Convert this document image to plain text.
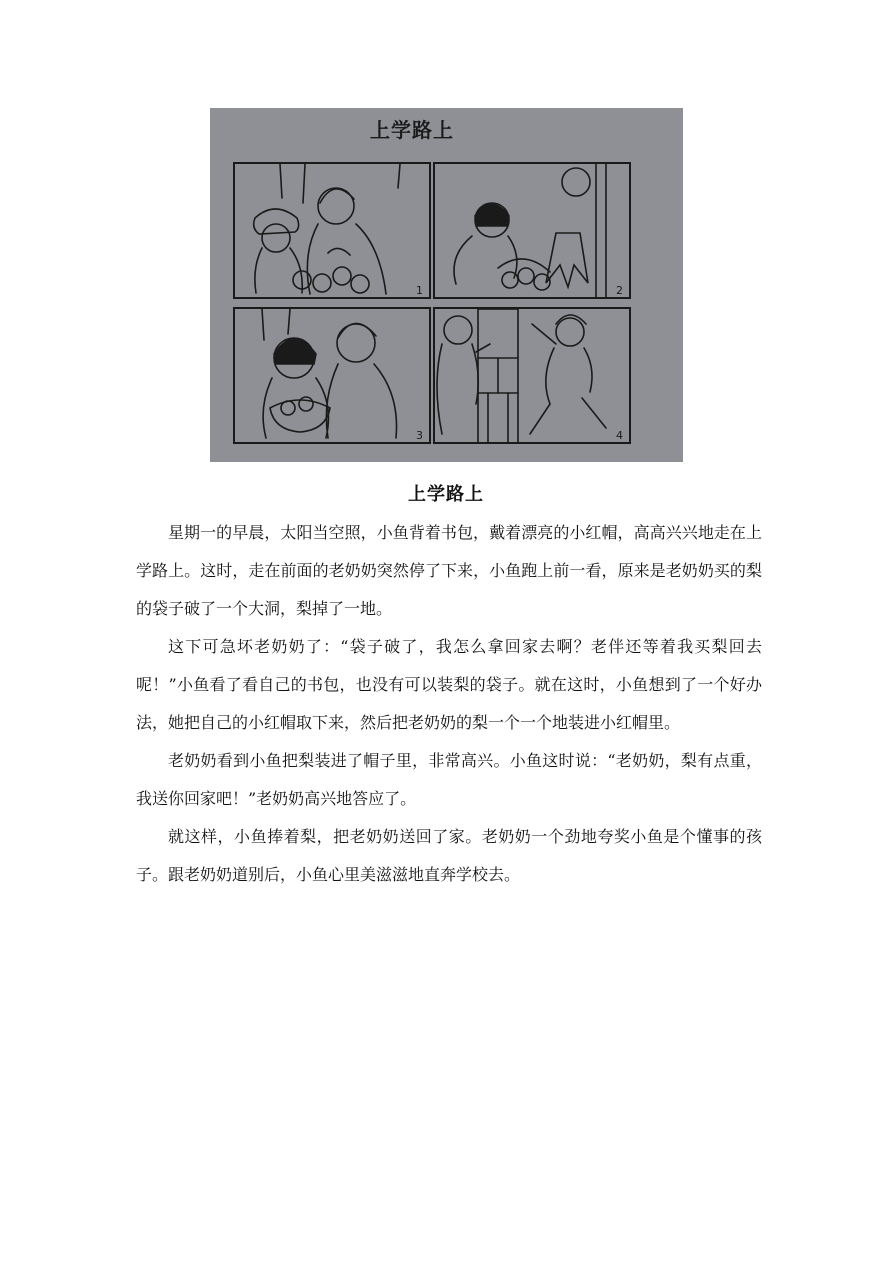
上学路上
1	2
3	4
上学路上

星期一的早晨，太阳当空照，小鱼背着书包，戴着漂亮的小红帽，高高兴兴地走在上学路上。这时，走在前面的老奶奶突然停了下来，小鱼跑上前一看，原来是老奶奶买的梨的袋子破了一个大洞，梨掉了一地。

这下可急坏老奶奶了：“袋子破了，我怎么拿回家去啊？老伴还等着我买梨回去呢！”小鱼看了看自己的书包，也没有可以装梨的袋子。就在这时，小鱼想到了一个好办法，她把自己的小红帽取下来，然后把老奶奶的梨一个一个地装进小红帽里。

老奶奶看到小鱼把梨装进了帽子里，非常高兴。小鱼这时说：“老奶奶，梨有点重，我送你回家吧！”老奶奶高兴地答应了。

就这样，小鱼捧着梨，把老奶奶送回了家。老奶奶一个劲地夸奖小鱼是个懂事的孩子。跟老奶奶道别后，小鱼心里美滋滋地直奔学校去。
